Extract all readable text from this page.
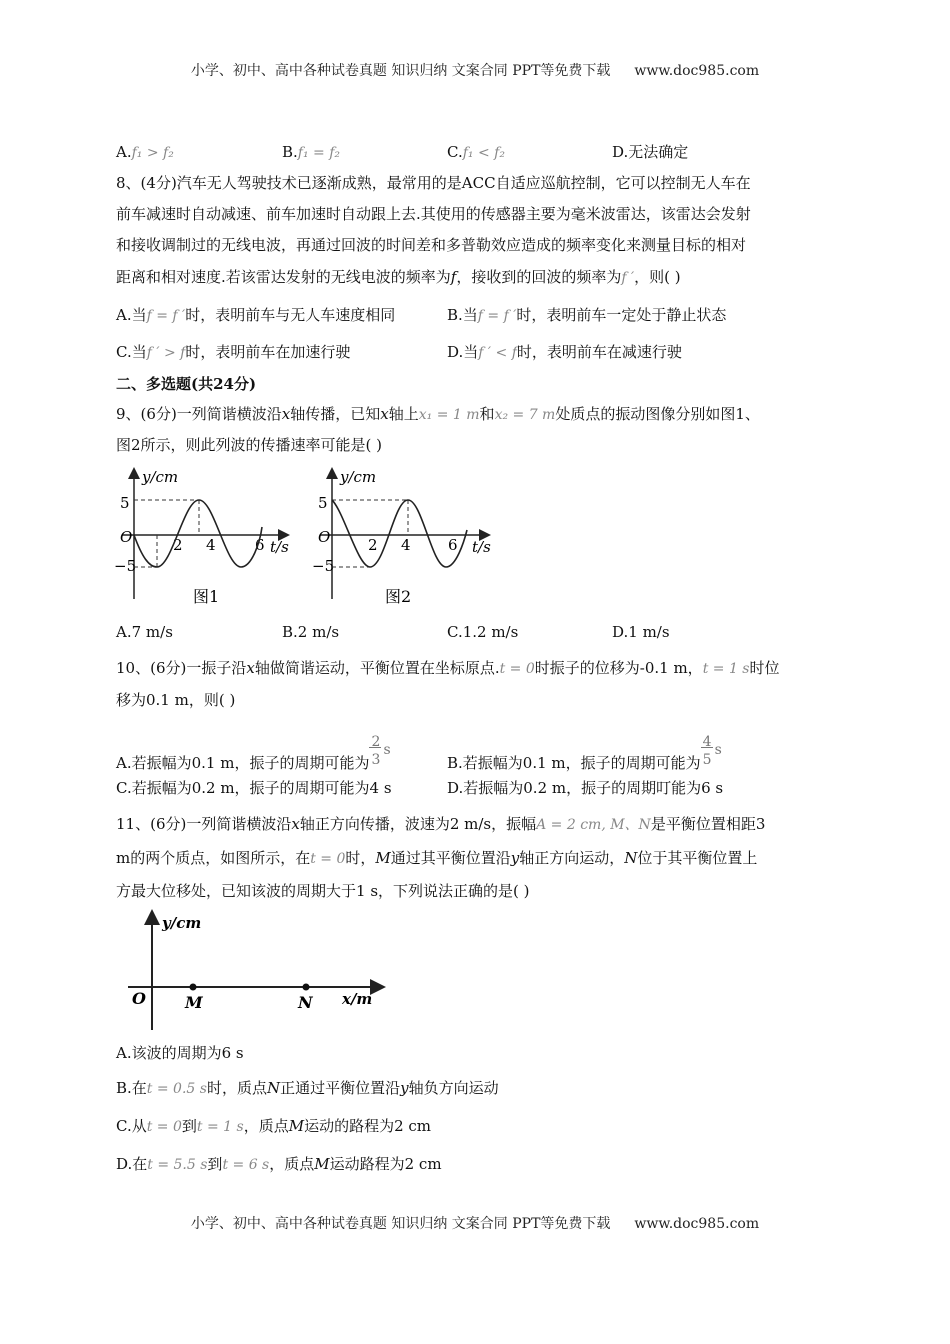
小学、初中、高中各种试卷真题 知识归纳 文案合同 PPT等免费下载 www.doc985.com
A.f₁ > f₂	B.f₁ = f₂	C.f₁ < f₂	D.无法确定
8、(4分)汽车无人驾驶技术已逐渐成熟，最常用的是ACC自适应巡航控制，它可以控制无人车在
前车减速时自动减速、前车加速时自动跟上去.其使用的传感器主要为毫米波雷达，该雷达会发射
和接收调制过的无线电波，再通过回波的时间差和多普勒效应造成的频率变化来测量目标的相对
距离和相对速度.若该雷达发射的无线电波的频率为f，接收到的回波的频率为f ′，则( )
A.当f = f ′时，表明前车与无人车速度相同	B.当f = f ′时，表明前车一定处于静止状态
C.当f ′ > f时，表明前车在加速行驶	D.当f ′ < f时，表明前车在减速行驶
二、多选题(共24分)
9、(6分)一列简谐横波沿x轴传播，已知x轴上x₁ = 1 m和x₂ = 7 m处质点的振动图像分别如图1、
图2所示，则此列波的传播速率可能是( )
y/cm
t/s
O
5
−5
2 4	6
图1
y/cm
t/s
O
5
−5
2 4 6
图2
A.7 m/s	B.2 m/s	C.1.2 m/s	D.1 m/s
10、(6分)一振子沿x轴做简谐运动，平衡位置在坐标原点.t = 0时振子的位移为-0.1 m，t = 1 s时位
移为0.1 m，则( )
A.若振幅为0.1 m，振子的周期可能为
2
3
s
B.若振幅为0.1 m，振子的周期可能为
4
5
s
C.若振幅为0.2 m，振子的周期可能为4 s	D.若振幅为0.2 m，振子的周期叮能为6 s
11、(6分)一列简谐横波沿x轴正方向传播，波速为2 m/s，振幅A = 2 cm, M、N是平衡位置相距3
m的两个质点，如图所示，在t = 0时，M通过其平衡位置沿y轴正方向运动，N位于其平衡位置上
方最大位移处，已知该波的周期大于1 s，下列说法正确的是( )
y/cm
x/m
O M	N
A.该波的周期为6 s
B.在t = 0.5 s时，质点N正通过平衡位置沿y轴负方向运动
C.从t = 0到t = 1 s，质点M运动的路程为2 cm
D.在t = 5.5 s到t = 6 s，质点M运动路程为2 cm
小学、初中、高中各种试卷真题 知识归纳 文案合同 PPT等免费下载 www.doc985.com
